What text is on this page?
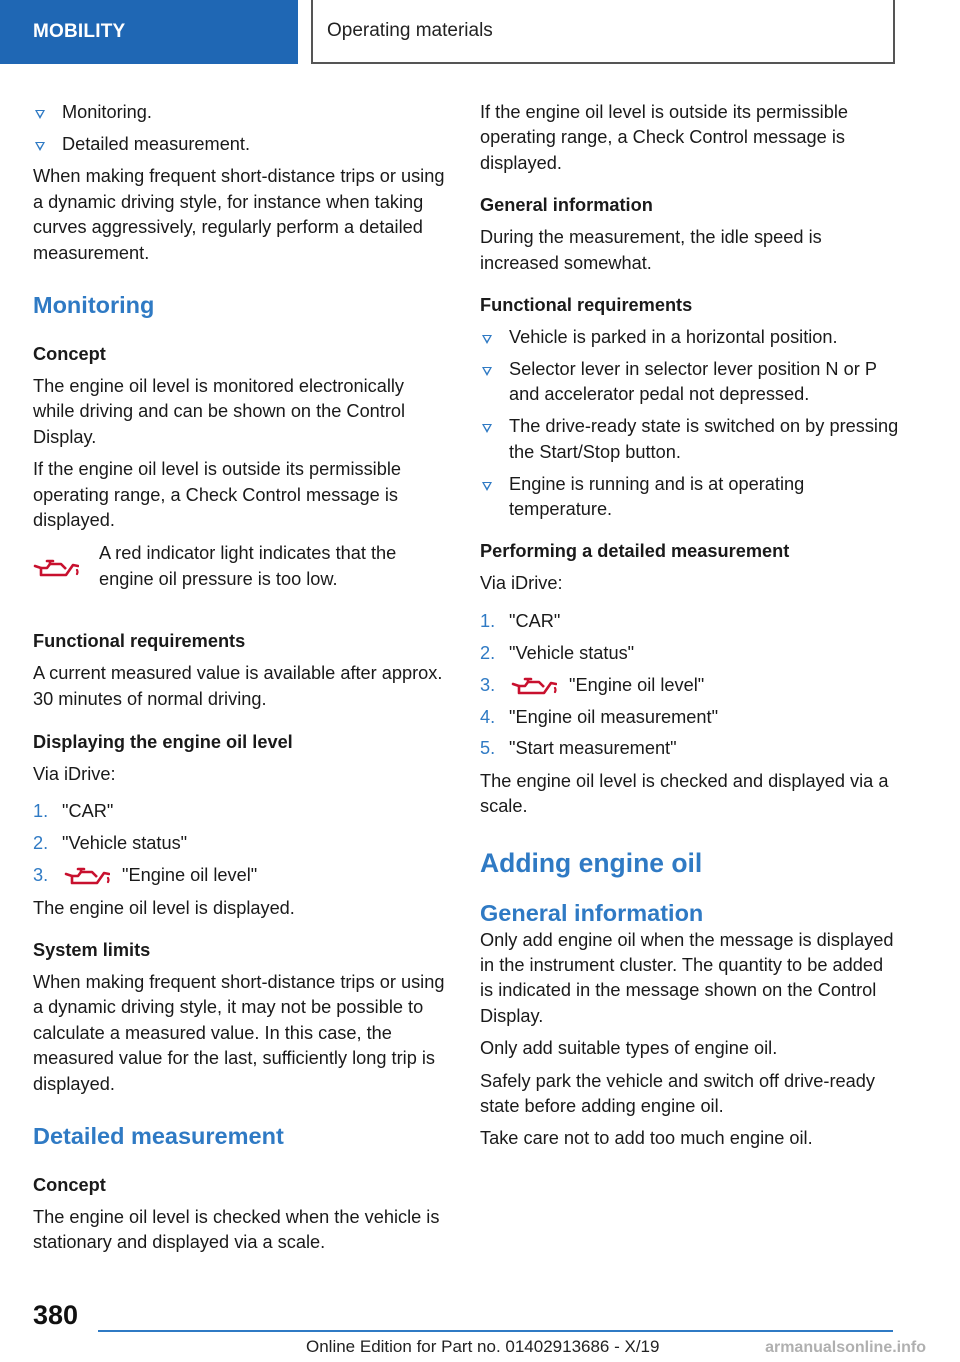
MOBILITY	Operating materials
Monitoring.
Detailed measurement.

When making frequent short-distance trips or using a dynamic driving style, for instance when taking curves aggressively, regularly perform a detailed measurement.

Monitoring
Concept

The engine oil level is monitored electronically while driving and can be shown on the Control Display.

If the engine oil level is outside its permissible operating range, a Check Control message is displayed.

A red indicator light indicates that the engine oil pressure is too low.
Functional requirements

A current measured value is available after approx. 30 minutes of normal driving.

Displaying the engine oil level

Via iDrive:

1. "CAR"
2. "Vehicle status"
3.	"Engine oil level"

The engine oil level is displayed.

System limits

When making frequent short-distance trips or using a dynamic driving style, it may not be possible to calculate a measured value. In this case, the measured value for the last, sufficiently long trip is displayed.

Detailed measurement
Concept

The engine oil level is checked when the vehicle is stationary and displayed via a scale.

If the engine oil level is outside its permissible operating range, a Check Control message is displayed.

General information

During the measurement, the idle speed is increased somewhat.

Functional requirements
Vehicle is parked in a horizontal position.
Selector lever in selector lever position N or P and accelerator pedal not depressed.
The drive-ready state is switched on by pressing the Start/Stop button.
Engine is running and is at operating temperature.
Performing a detailed measurement

Via iDrive:

1. "CAR"
2. "Vehicle status"
3.	"Engine oil level"
4. "Engine oil measurement"
5. "Start measurement"

The engine oil level is checked and displayed via a scale.

Adding engine oil
General information

Only add engine oil when the message is displayed in the instrument cluster. The quantity to be added is indicated in the message shown on the Control Display.

Only add suitable types of engine oil.

Safely park the vehicle and switch off drive-ready state before adding engine oil.

Take care not to add too much engine oil.

380
Online Edition for Part no. 01402913686 - X/19	armanualsonline.info
